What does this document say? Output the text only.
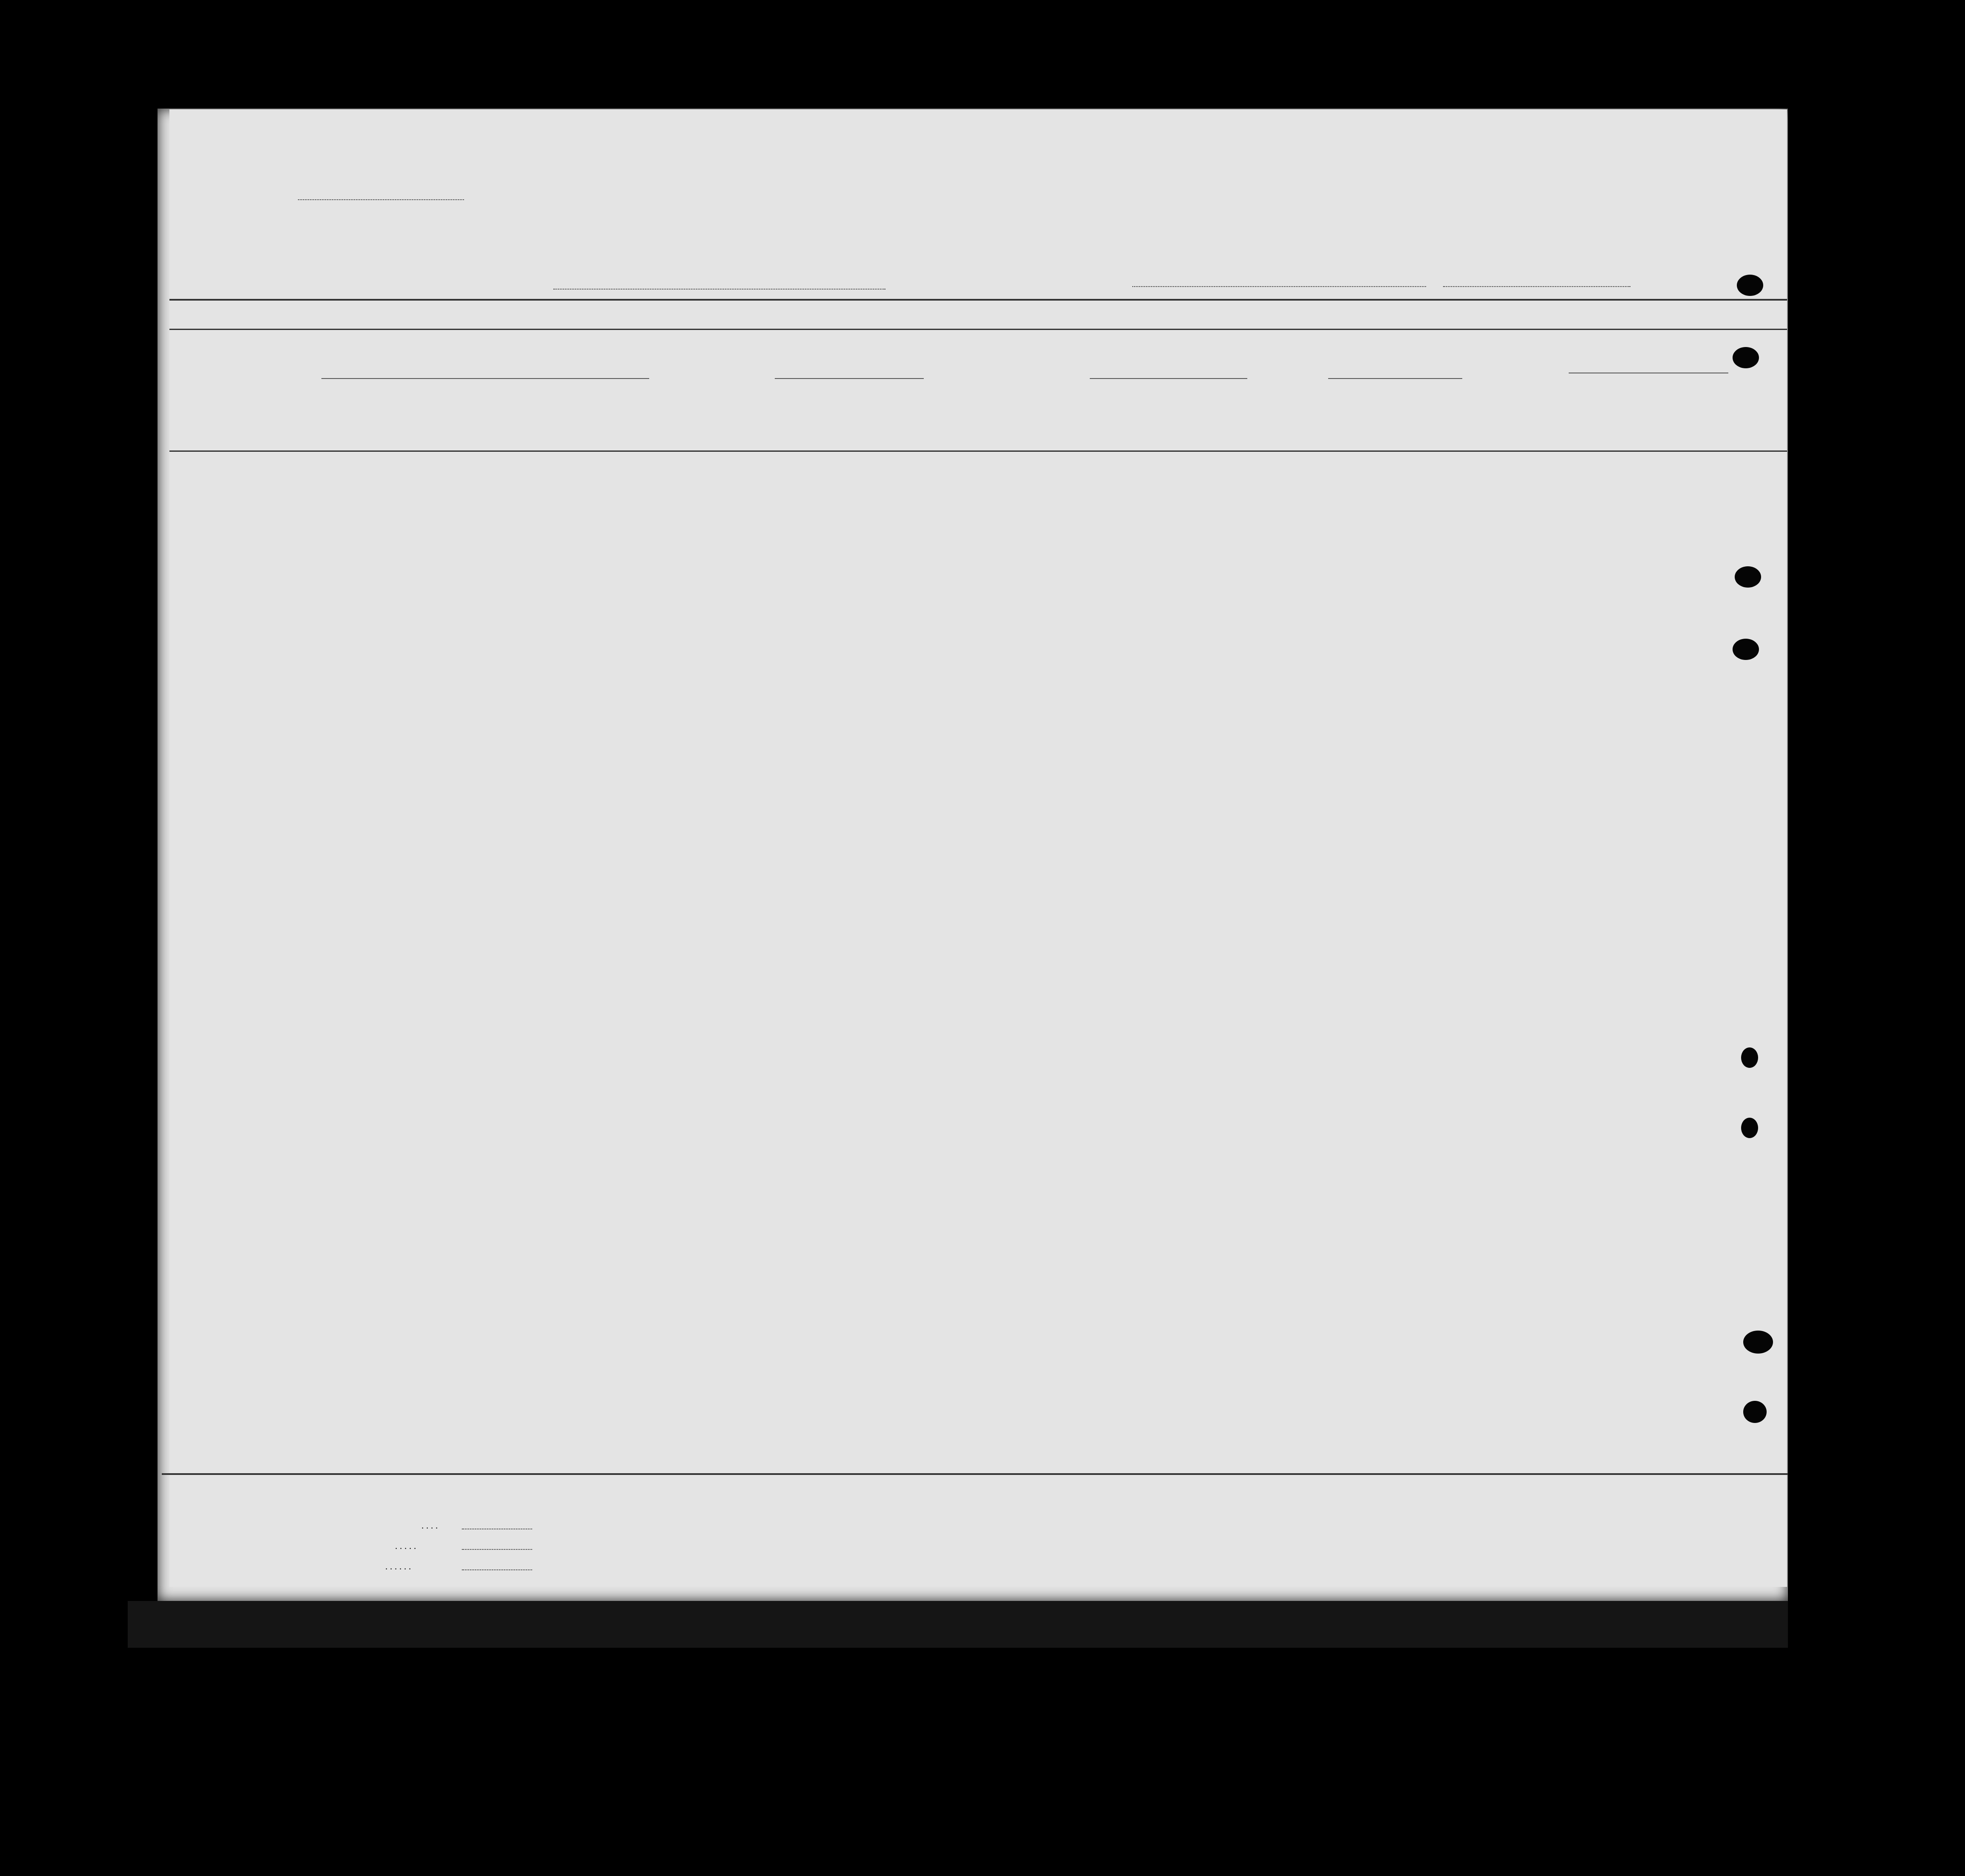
. . . .
. . . . .
. . . . . .
